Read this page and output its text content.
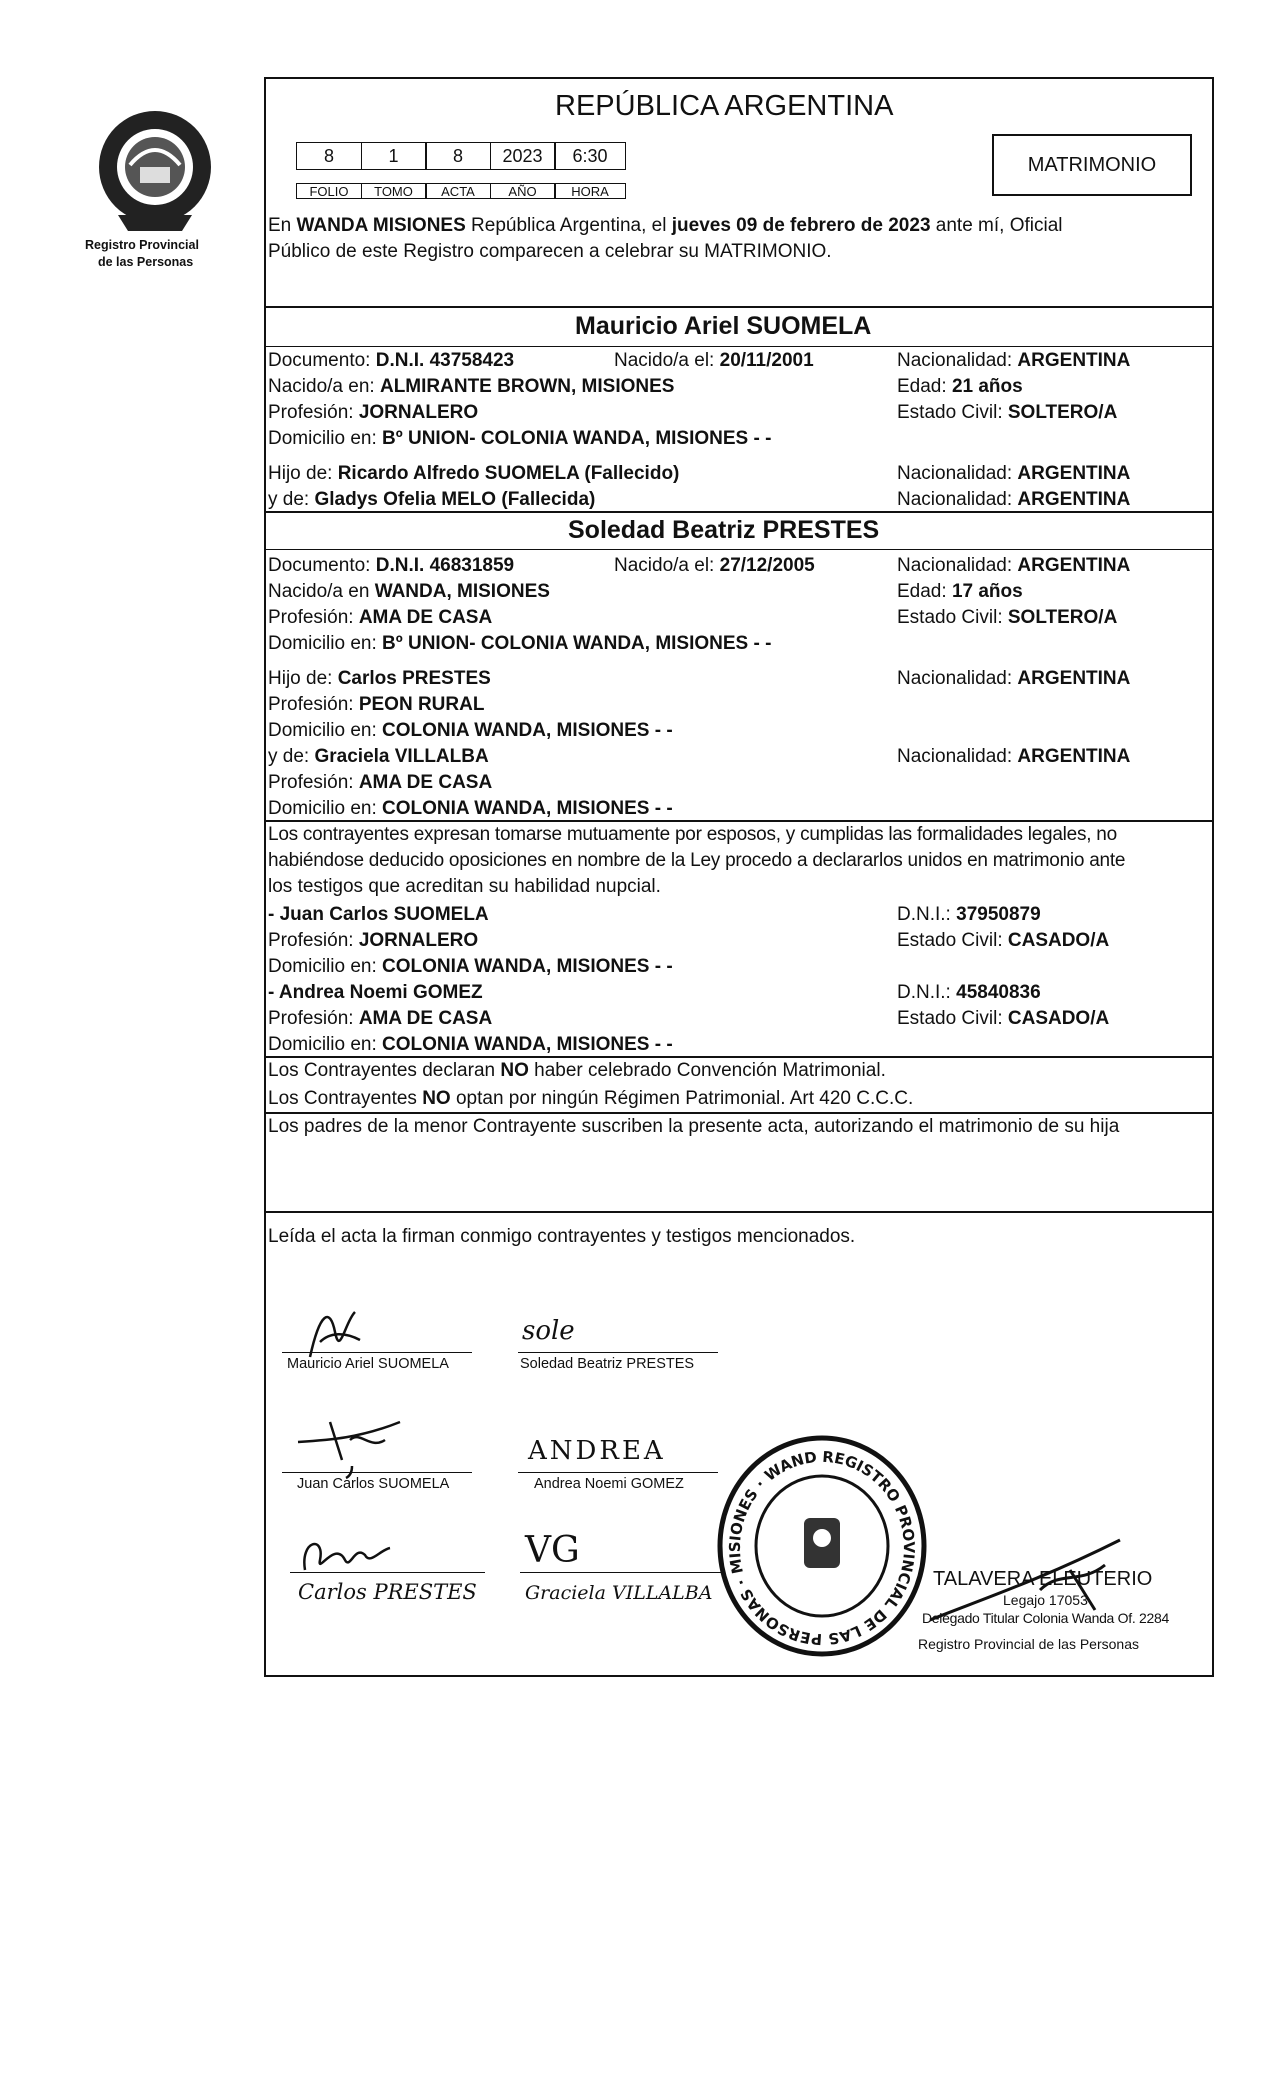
Registro Provincial
de las Personas
REPÚBLICA ARGENTINA
8	1	8	2023	6:30
FOLIO	TOMO	ACTA	AÑO	HORA
MATRIMONIO
En WANDA MISIONES República Argentina, el jueves 09 de febrero de 2023 ante mí, Oficial
Público de este Registro comparecen a celebrar su MATRIMONIO.
Mauricio Ariel SUOMELA
Documento: D.N.I. 43758423	Nacido/a el: 20/11/2001	Nacionalidad: ARGENTINA
Nacido/a en: ALMIRANTE BROWN, MISIONES	Edad: 21 años
Profesión: JORNALERO	Estado Civil: SOLTERO/A
Domicilio en: Bº UNION- COLONIA WANDA, MISIONES - -
Hijo de: Ricardo Alfredo SUOMELA (Fallecido)	Nacionalidad: ARGENTINA
y de: Gladys Ofelia MELO (Fallecida)	Nacionalidad: ARGENTINA
Soledad Beatriz PRESTES
Documento: D.N.I. 46831859	Nacido/a el: 27/12/2005	Nacionalidad: ARGENTINA
Nacido/a en WANDA, MISIONES	Edad: 17 años
Profesión: AMA DE CASA	Estado Civil: SOLTERO/A
Domicilio en: Bº UNION- COLONIA WANDA, MISIONES - -
Hijo de: Carlos PRESTES	Nacionalidad: ARGENTINA
Profesión: PEON RURAL
Domicilio en: COLONIA WANDA, MISIONES - -
y de: Graciela VILLALBA	Nacionalidad: ARGENTINA
Profesión: AMA DE CASA
Domicilio en: COLONIA WANDA, MISIONES - -
Los contrayentes expresan tomarse mutuamente por esposos, y cumplidas las formalidades legales, no
habiéndose deducido oposiciones en nombre de la Ley procedo a declararlos unidos en matrimonio ante
los testigos que acreditan su habilidad nupcial.
- Juan Carlos SUOMELA	D.N.I.: 37950879
Profesión: JORNALERO	Estado Civil: CASADO/A
Domicilio en: COLONIA WANDA, MISIONES - -
- Andrea Noemi GOMEZ	D.N.I.: 45840836
Profesión: AMA DE CASA	Estado Civil: CASADO/A
Domicilio en: COLONIA WANDA, MISIONES - -
Los Contrayentes declaran NO haber celebrado Convención Matrimonial.
Los Contrayentes NO optan por ningún Régimen Patrimonial. Art 420 C.C.C.
Los padres de la menor Contrayente suscriben la presente acta, autorizando el matrimonio de su hija
Leída el acta la firman conmigo contrayentes y testigos mencionados.
Mauricio Ariel SUOMELA
sole
Soledad Beatriz PRESTES
Juan Carlos SUOMELA
ANDREA
Andrea Noemi GOMEZ
Carlos PRESTES
VG
Graciela VILLALBA
REGISTRO PROVINCIAL DE LAS PERSONAS · MISIONES · WAND
TALAVERA ELEUTERIO
Legajo 17053
Delegado Titular Colonia Wanda Of. 2284
Registro Provincial de las Personas
